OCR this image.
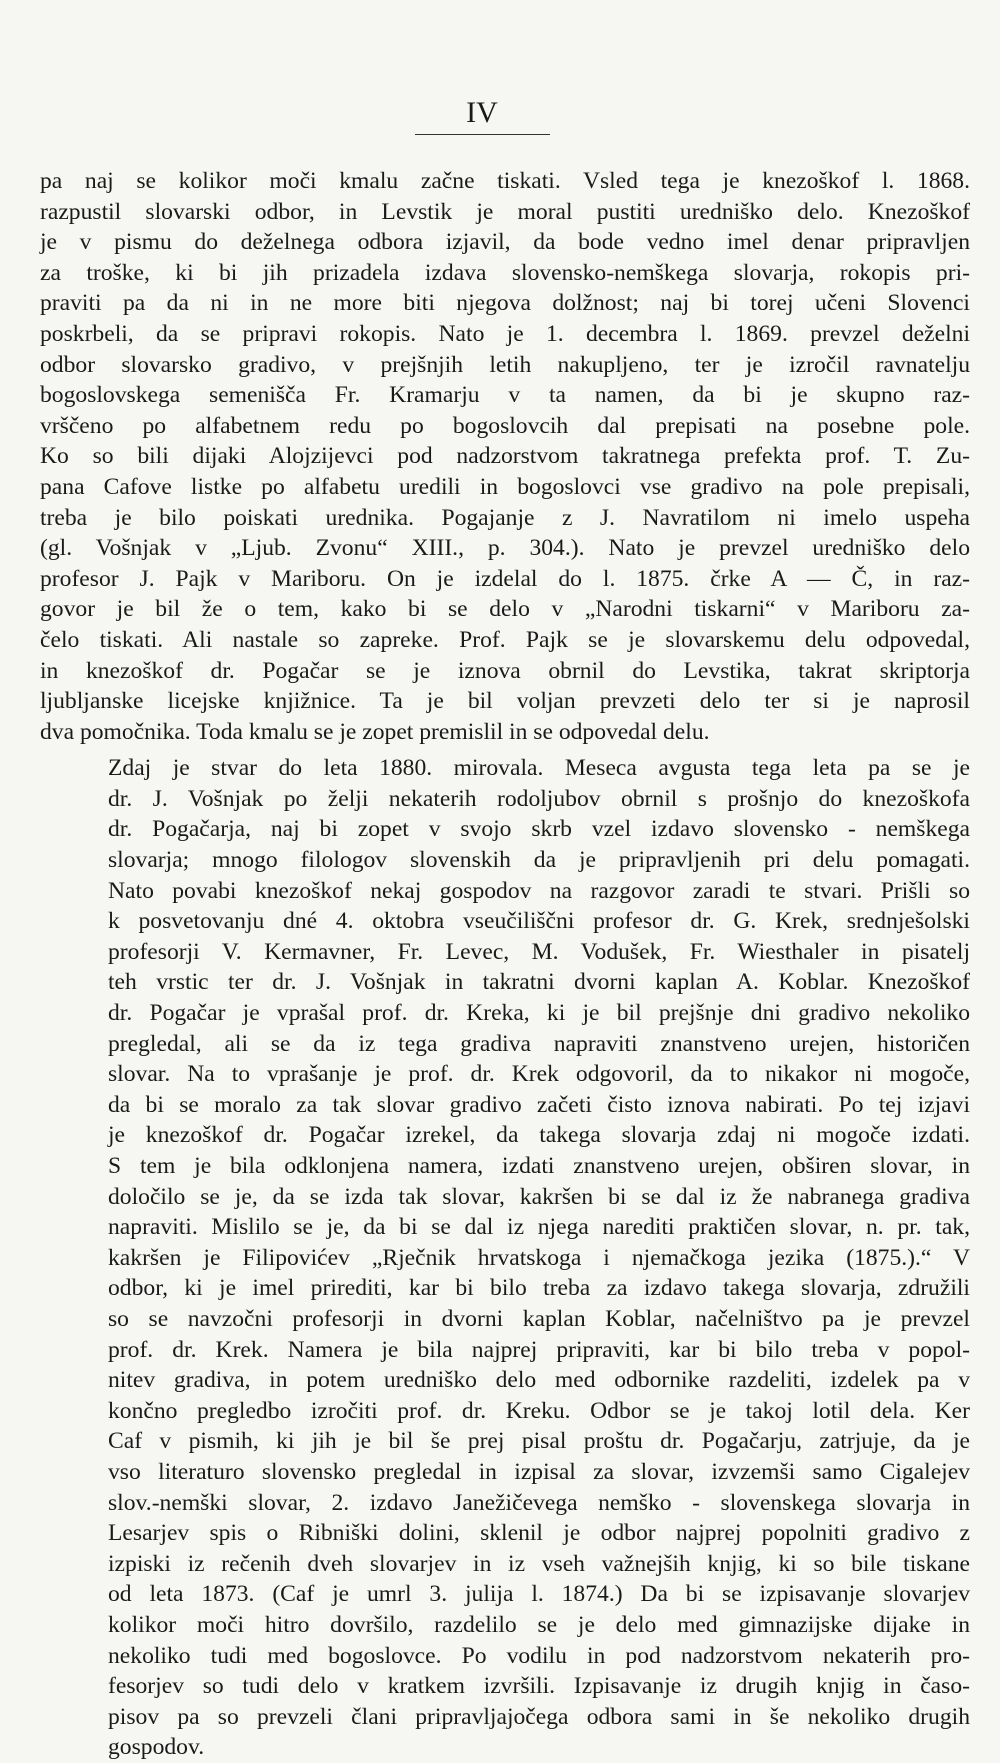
IV

pa naj se kolikor moči kmalu začne tiskati. Vsled tega je knezoškof l. 1868.
razpustil slovarski odbor, in Levstik je moral pustiti uredniško delo. Knezoškof
je v pismu do deželnega odbora izjavil, da bode vedno imel denar pripravljen
za troške, ki bi jih prizadela izdava slovensko-nemškega slovarja, rokopis pri-
praviti pa da ni in ne more biti njegova dolžnost; naj bi torej učeni Slovenci
poskrbeli, da se pripravi rokopis. Nato je 1. decembra l. 1869. prevzel deželni
odbor slovarsko gradivo, v prejšnjih letih nakupljeno, ter je izročil ravnatelju
bogoslovskega semenišča Fr. Kramarju v ta namen, da bi je skupno raz-
vrščeno po alfabetnem redu po bogoslovcih dal prepisati na posebne pole.
Ko so bili dijaki Alojzijevci pod nadzorstvom takratnega prefekta prof. T. Zu-
pana Cafove listke po alfabetu uredili in bogoslovci vse gradivo na pole prepisali,
treba je bilo poiskati urednika. Pogajanje z J. Navratilom ni imelo uspeha
(gl. Vošnjak v „Ljub. Zvonu“ XIII., p. 304.). Nato je prevzel uredniško delo
profesor J. Pajk v Mariboru. On je izdelal do l. 1875. črke A — Č, in raz-
govor je bil že o tem, kako bi se delo v „Narodni tiskarni“ v Mariboru za-
čelo tiskati. Ali nastale so zapreke. Prof. Pajk se je slovarskemu delu odpovedal,
in knezoškof dr. Pogačar se je iznova obrnil do Levstika, takrat skriptorja
ljubljanske licejske knjižnice. Ta je bil voljan prevzeti delo ter si je naprosil
dva pomočnika. Toda kmalu se je zopet premislil in se odpovedal delu.

Zdaj je stvar do leta 1880. mirovala. Meseca avgusta tega leta pa se je
dr. J. Vošnjak po želji nekaterih rodoljubov obrnil s prošnjo do knezoškofa
dr. Pogačarja, naj bi zopet v svojo skrb vzel izdavo slovensko - nemškega
slovarja; mnogo filologov slovenskih da je pripravljenih pri delu pomagati.
Nato povabi knezoškof nekaj gospodov na razgovor zaradi te stvari. Prišli so
k posvetovanju dné 4. oktobra vseučiliščni profesor dr. G. Krek, srednješolski
profesorji V. Kermavner, Fr. Levec, M. Vodušek, Fr. Wiesthaler in pisatelj
teh vrstic ter dr. J. Vošnjak in takratni dvorni kaplan A. Koblar. Knezoškof
dr. Pogačar je vprašal prof. dr. Kreka, ki je bil prejšnje dni gradivo nekoliko
pregledal, ali se da iz tega gradiva napraviti znanstveno urejen, historičen
slovar. Na to vprašanje je prof. dr. Krek odgovoril, da to nikakor ni mogoče,
da bi se moralo za tak slovar gradivo začeti čisto iznova nabirati. Po tej izjavi
je knezoškof dr. Pogačar izrekel, da takega slovarja zdaj ni mogoče izdati.
S tem je bila odklonjena namera, izdati znanstveno urejen, obširen slovar, in
določilo se je, da se izda tak slovar, kakršen bi se dal iz že nabranega gradiva
napraviti. Mislilo se je, da bi se dal iz njega narediti praktičen slovar, n. pr. tak,
kakršen je Filipovićev „Rječnik hrvatskoga i njemačkoga jezika (1875.).“ V
odbor, ki je imel prirediti, kar bi bilo treba za izdavo takega slovarja, združili
so se navzočni profesorji in dvorni kaplan Koblar, načelništvo pa je prevzel
prof. dr. Krek. Namera je bila najprej pripraviti, kar bi bilo treba v popol-
nitev gradiva, in potem uredniško delo med odbornike razdeliti, izdelek pa v
končno pregledbo izročiti prof. dr. Kreku. Odbor se je takoj lotil dela. Ker
Caf v pismih, ki jih je bil še prej pisal proštu dr. Pogačarju, zatrjuje, da je
vso literaturo slovensko pregledal in izpisal za slovar, izvzemši samo Cigalejev
slov.-nemški slovar, 2. izdavo Janežičevega nemško - slovenskega slovarja in
Lesarjev spis o Ribniški dolini, sklenil je odbor najprej popolniti gradivo z
izpiski iz rečenih dveh slovarjev in iz vseh važnejših knjig, ki so bile tiskane
od leta 1873. (Caf je umrl 3. julija l. 1874.) Da bi se izpisavanje slovarjev
kolikor moči hitro dovršilo, razdelilo se je delo med gimnazijske dijake in
nekoliko tudi med bogoslovce. Po vodilu in pod nadzorstvom nekaterih pro-
fesorjev so tudi delo v kratkem izvršili. Izpisavanje iz drugih knjig in časo-
pisov pa so prevzeli člani pripravljajočega odbora sami in še nekoliko drugih
gospodov.
